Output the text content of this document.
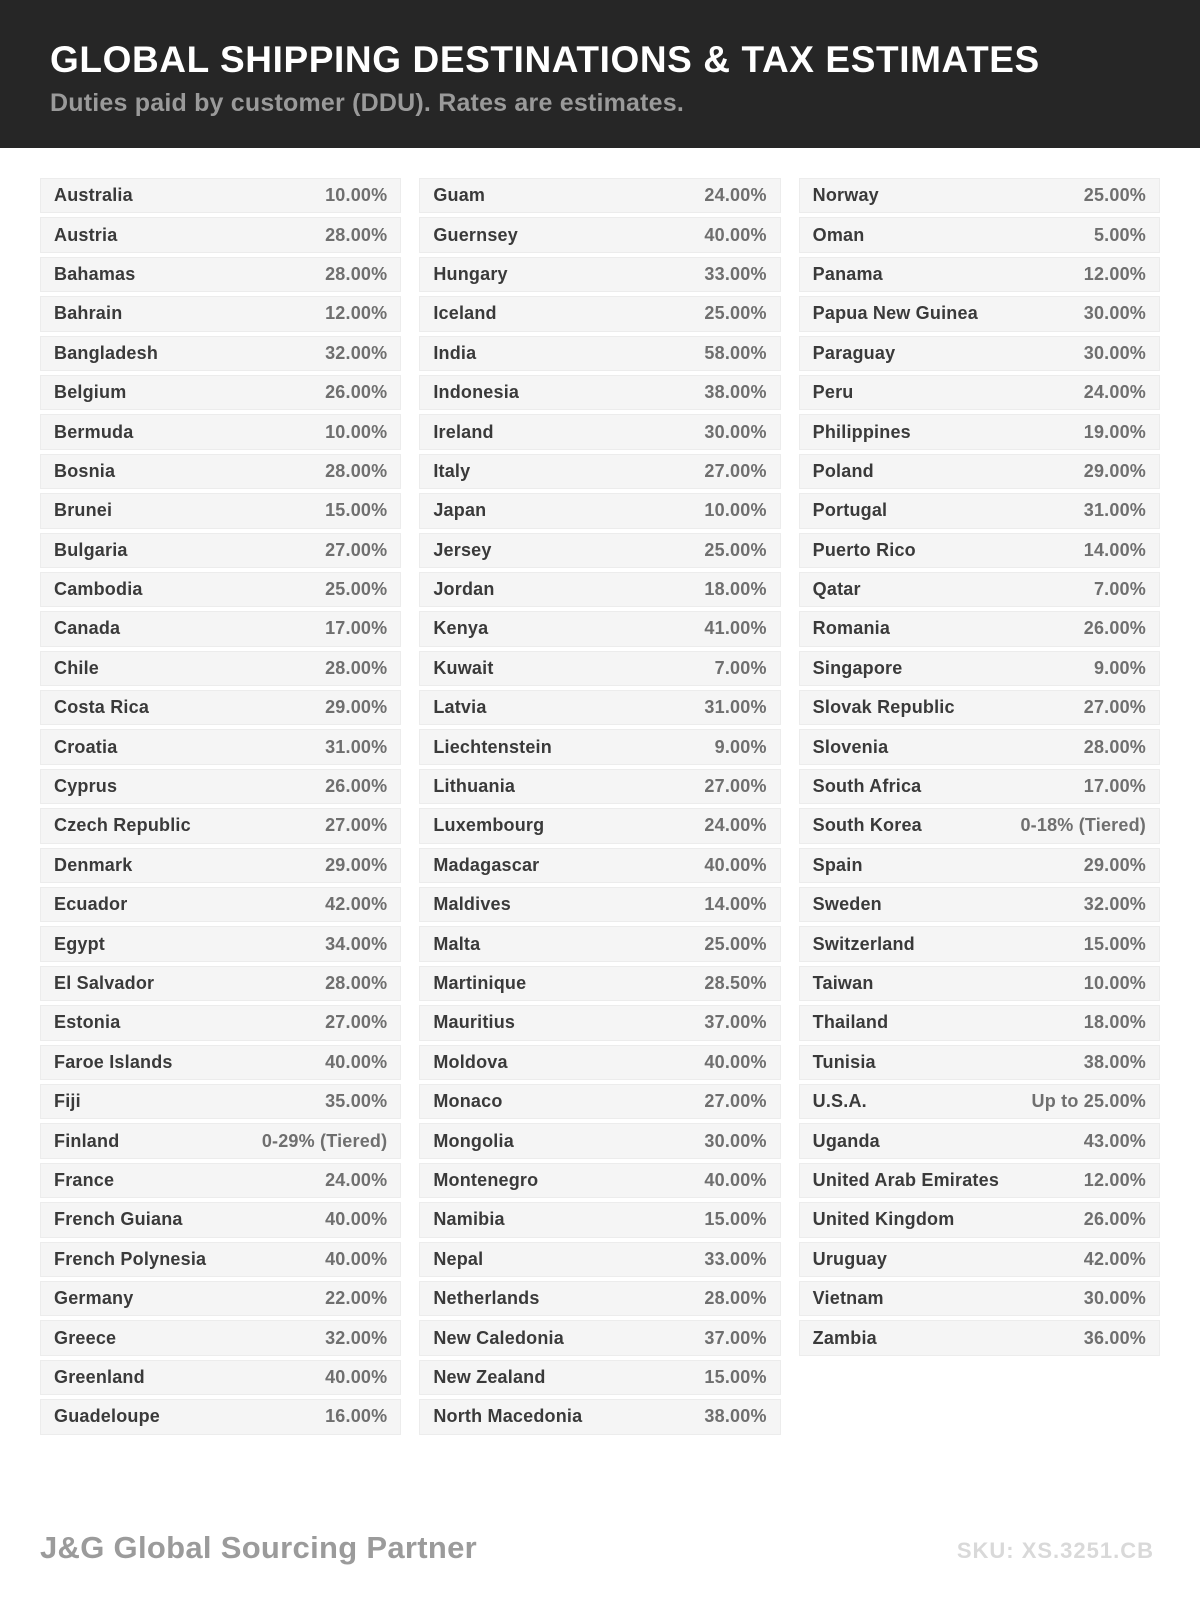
GLOBAL SHIPPING DESTINATIONS & TAX ESTIMATES
Duties paid by customer (DDU). Rates are estimates.
Australia	10.00%
Austria	28.00%
Bahamas	28.00%
Bahrain	12.00%
Bangladesh	32.00%
Belgium	26.00%
Bermuda	10.00%
Bosnia	28.00%
Brunei	15.00%
Bulgaria	27.00%
Cambodia	25.00%
Canada	17.00%
Chile	28.00%
Costa Rica	29.00%
Croatia	31.00%
Cyprus	26.00%
Czech Republic	27.00%
Denmark	29.00%
Ecuador	42.00%
Egypt	34.00%
El Salvador	28.00%
Estonia	27.00%
Faroe Islands	40.00%
Fiji	35.00%
Finland	0-29% (Tiered)
France	24.00%
French Guiana	40.00%
French Polynesia	40.00%
Germany	22.00%
Greece	32.00%
Greenland	40.00%
Guadeloupe	16.00%
Guam	24.00%
Guernsey	40.00%
Hungary	33.00%
Iceland	25.00%
India	58.00%
Indonesia	38.00%
Ireland	30.00%
Italy	27.00%
Japan	10.00%
Jersey	25.00%
Jordan	18.00%
Kenya	41.00%
Kuwait	7.00%
Latvia	31.00%
Liechtenstein	9.00%
Lithuania	27.00%
Luxembourg	24.00%
Madagascar	40.00%
Maldives	14.00%
Malta	25.00%
Martinique	28.50%
Mauritius	37.00%
Moldova	40.00%
Monaco	27.00%
Mongolia	30.00%
Montenegro	40.00%
Namibia	15.00%
Nepal	33.00%
Netherlands	28.00%
New Caledonia	37.00%
New Zealand	15.00%
North Macedonia	38.00%
Norway	25.00%
Oman	5.00%
Panama	12.00%
Papua New Guinea	30.00%
Paraguay	30.00%
Peru	24.00%
Philippines	19.00%
Poland	29.00%
Portugal	31.00%
Puerto Rico	14.00%
Qatar	7.00%
Romania	26.00%
Singapore	9.00%
Slovak Republic	27.00%
Slovenia	28.00%
South Africa	17.00%
South Korea	0-18% (Tiered)
Spain	29.00%
Sweden	32.00%
Switzerland	15.00%
Taiwan	10.00%
Thailand	18.00%
Tunisia	38.00%
U.S.A.	Up to 25.00%
Uganda	43.00%
United Arab Emirates	12.00%
United Kingdom	26.00%
Uruguay	42.00%
Vietnam	30.00%
Zambia	36.00%
J&G Global Sourcing Partner	SKU: XS.3251.CB
